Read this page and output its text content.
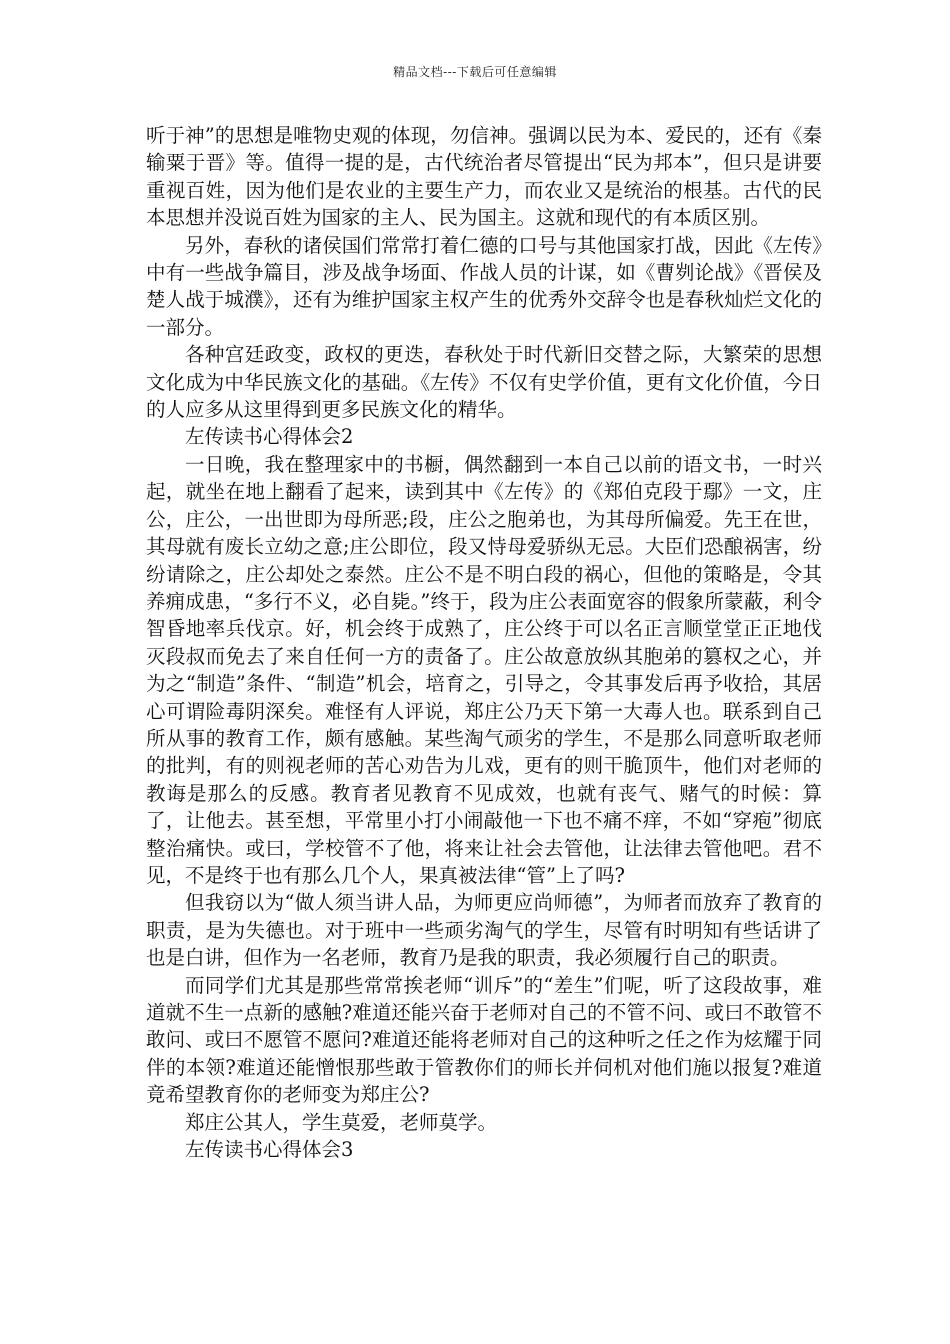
精品文档---下载后可任意编辑

听于神”的思想是唯物史观的体现，勿信神。强调以民为本、爱民的，还有《秦输粟于晋》等。值得一提的是，古代统治者尽管提出“民为邦本”，但只是讲要重视百姓，因为他们是农业的主要生产力，而农业又是统治的根基。古代的民本思想并没说百姓为国家的主人、民为国主。这就和现代的有本质区别。

另外，春秋的诸侯国们常常打着仁德的口号与其他国家打战，因此《左传》中有一些战争篇目，涉及战争场面、作战人员的计谋，如《曹刿论战》《晋侯及楚人战于城濮》，还有为维护国家主权产生的优秀外交辞令也是春秋灿烂文化的一部分。

各种宫廷政变，政权的更迭，春秋处于时代新旧交替之际，大繁荣的思想文化成为中华民族文化的基础。《左传》不仅有史学价值，更有文化价值，今日的人应多从这里得到更多民族文化的精华。

左传读书心得体会2

一日晚，我在整理家中的书橱，偶然翻到一本自己以前的语文书，一时兴起，就坐在地上翻看了起来，读到其中《左传》的《郑伯克段于鄢》一文，庄公，庄公，一出世即为母所恶;段，庄公之胞弟也，为其母所偏爱。先王在世，其母就有废长立幼之意;庄公即位，段又恃母爱骄纵无忌。大臣们恐酿祸害，纷纷请除之，庄公却处之泰然。庄公不是不明白段的祸心，但他的策略是，令其养痈成患，“多行不义，必自毙。”终于，段为庄公表面宽容的假象所蒙蔽，利令智昏地率兵伐京。好，机会终于成熟了，庄公终于可以名正言顺堂堂正正地伐灭段叔而免去了来自任何一方的责备了。庄公故意放纵其胞弟的篡权之心，并为之“制造”条件、“制造”机会，培育之，引导之，令其事发后再予收拾，其居心可谓险毒阴深矣。难怪有人评说，郑庄公乃天下第一大毒人也。联系到自己所从事的教育工作，颇有感触。某些淘气顽劣的学生，不是那么同意听取老师的批判，有的则视老师的苦心劝告为儿戏，更有的则干脆顶牛，他们对老师的教诲是那么的反感。教育者见教育不见成效，也就有丧气、赌气的时候：算了，让他去。甚至想，平常里小打小闹敲他一下也不痛不痒，不如“穿疱”彻底整治痛快。或曰，学校管不了他，将来让社会去管他，让法律去管他吧。君不见，不是终于也有那么几个人，果真被法律“管”上了吗?

但我窃以为“做人须当讲人品，为师更应尚师德”，为师者而放弃了教育的职责，是为失德也。对于班中一些顽劣淘气的学生，尽管有时明知有些话讲了也是白讲，但作为一名老师，教育乃是我的职责，我必须履行自己的职责。

而同学们尤其是那些常常挨老师“训斥”的“差生”们呢，听了这段故事，难道就不生一点新的感触?难道还能兴奋于老师对自己的不管不问、或曰不敢管不敢问、或曰不愿管不愿问?难道还能将老师对自己的这种听之任之作为炫耀于同伴的本领?难道还能憎恨那些敢于管教你们的师长并伺机对他们施以报复?难道竟希望教育你的老师变为郑庄公?

郑庄公其人，学生莫爱，老师莫学。

左传读书心得体会3
